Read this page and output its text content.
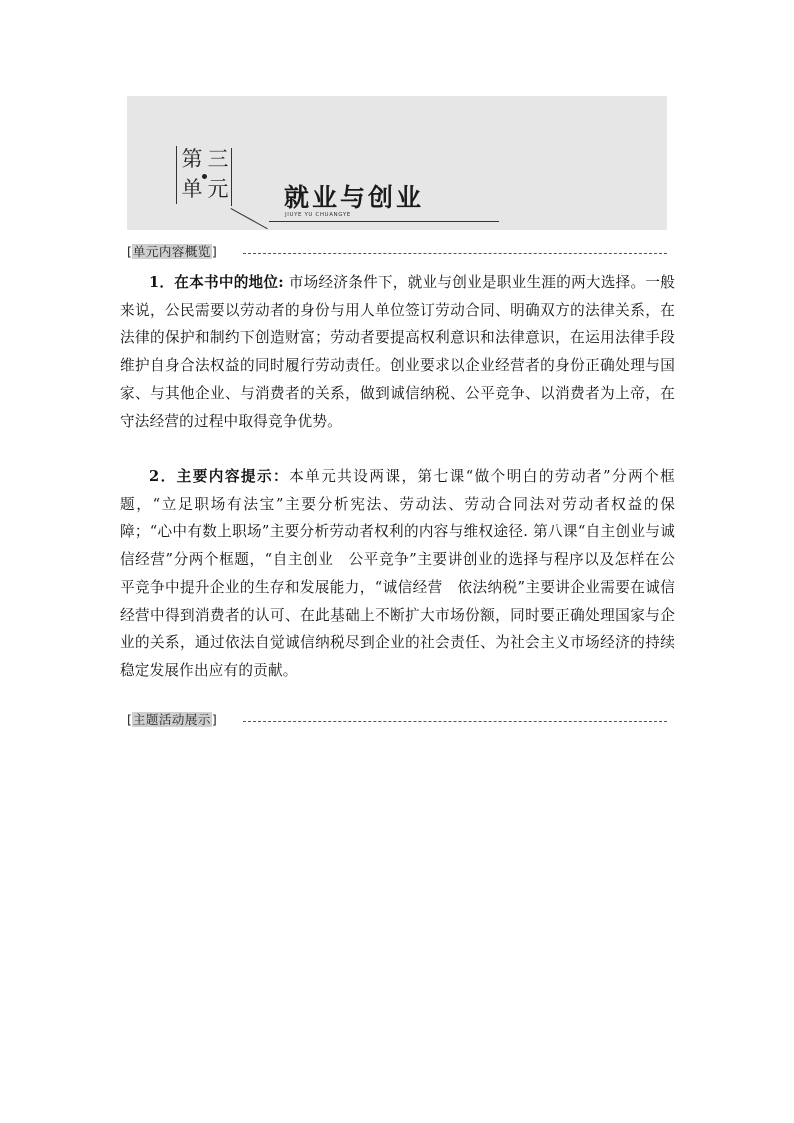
第 三
单 元 就业与创业
JIUYE YU CHUANGYE
[单元内容概览]

1．在本书中的地位: 市场经济条件下，就业与创业是职业生涯的两大选择。一般来说，公民需要以劳动者的身份与用人单位签订劳动合同、明确双方的法律关系，在法律的保护和制约下创造财富；劳动者要提高权利意识和法律意识，在运用法律手段维护自身合法权益的同时履行劳动责任。创业要求以企业经营者的身份正确处理与国家、与其他企业、与消费者的关系，做到诚信纳税、公平竞争、以消费者为上帝，在守法经营的过程中取得竞争优势。

2．主要内容提示：本单元共设两课，第七课“做个明白的劳动者”分两个框题，“立足职场有法宝”主要分析宪法、劳动法、劳动合同法对劳动者权益的保障；“心中有数上职场”主要分析劳动者权利的内容与维权途径. 第八课“自主创业与诚信经营”分两个框题，“自主创业　公平竞争”主要讲创业的选择与程序以及怎样在公平竞争中提升企业的生存和发展能力，“诚信经营　依法纳税”主要讲企业需要在诚信经营中得到消费者的认可、在此基础上不断扩大市场份额，同时要正确处理国家与企业的关系，通过依法自觉诚信纳税尽到企业的社会责任、为社会主义市场经济的持续稳定发展作出应有的贡献。

[主题活动展示]
